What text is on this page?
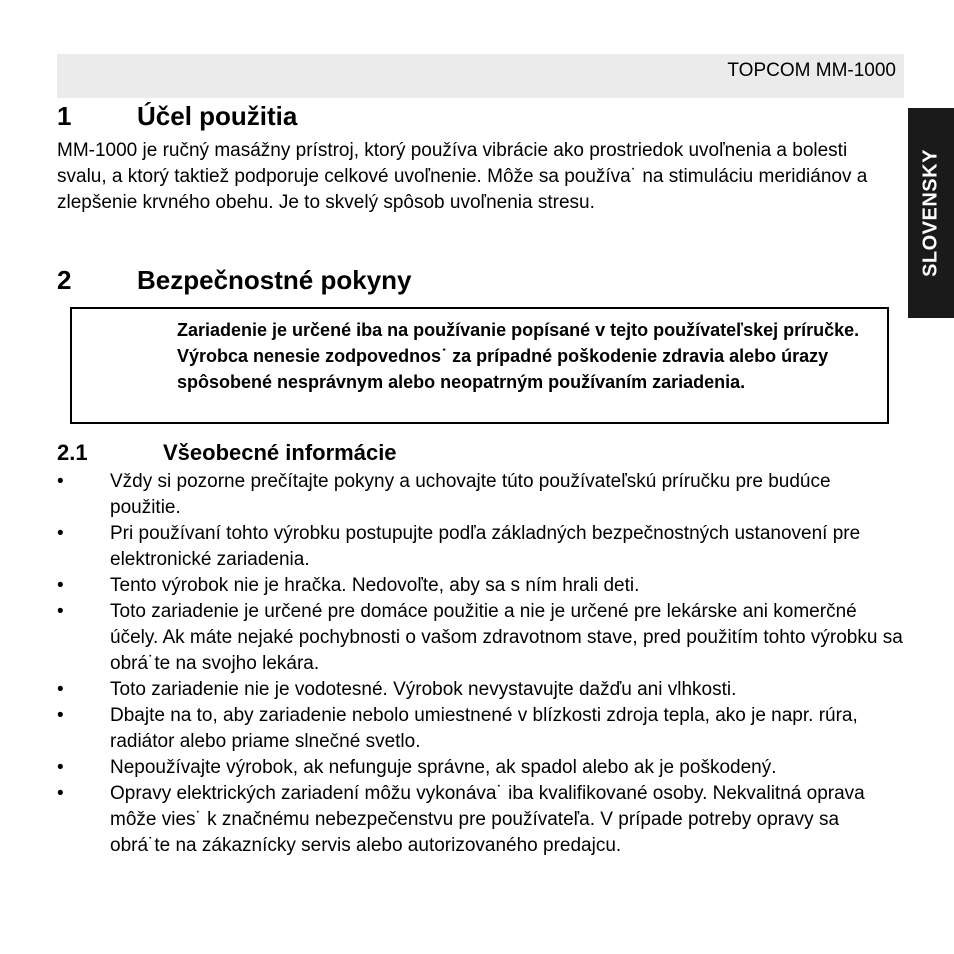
TOPCOM MM-1000
SLOVENSKY
1	Účel použitia
MM-1000 je ručný masážny prístroj, ktorý používa vibrácie ako prostriedok uvoľnenia a bolesti svalu, a ktorý taktiež podporuje celkové uvoľnenie. Môže sa používa˙ na stimuláciu meridiánov a zlepšenie krvného obehu. Je to skvelý spôsob uvoľnenia stresu.
2	Bezpečnostné pokyny
Zariadenie je určené iba na používanie popísané v tejto používateľskej príručke. Výrobca nenesie zodpovednos˙ za prípadné poškodenie zdravia alebo úrazy spôsobené nesprávnym alebo neopatrným používaním zariadenia.
2.1	Všeobecné informácie
•	Vždy si pozorne prečítajte pokyny a uchovajte túto používateľskú príručku pre budúce použitie.
•	Pri používaní tohto výrobku postupujte podľa základných bezpečnostných ustanovení pre elektronické zariadenia.
•	Tento výrobok nie je hračka. Nedovoľte, aby sa s ním hrali deti.
•	Toto zariadenie je určené pre domáce použitie a nie je určené pre lekárske ani komerčné účely. Ak máte nejaké pochybnosti o vašom zdravotnom stave, pred použitím tohto výrobku sa obrá˙te na svojho lekára.
•	Toto zariadenie nie je vodotesné. Výrobok nevystavujte dažďu ani vlhkosti.
•	Dbajte na to, aby zariadenie nebolo umiestnené v blízkosti zdroja tepla, ako je napr. rúra, radiátor alebo priame slnečné svetlo.
•	Nepoužívajte výrobok, ak nefunguje správne, ak spadol alebo ak je poškodený.
•	Opravy elektrických zariadení môžu vykonáva˙ iba kvalifikované osoby. Nekvalitná oprava môže vies˙ k značnému nebezpečenstvu pre používateľa. V prípade potreby opravy sa obrá˙te na zákaznícky servis alebo autorizovaného predajcu.
